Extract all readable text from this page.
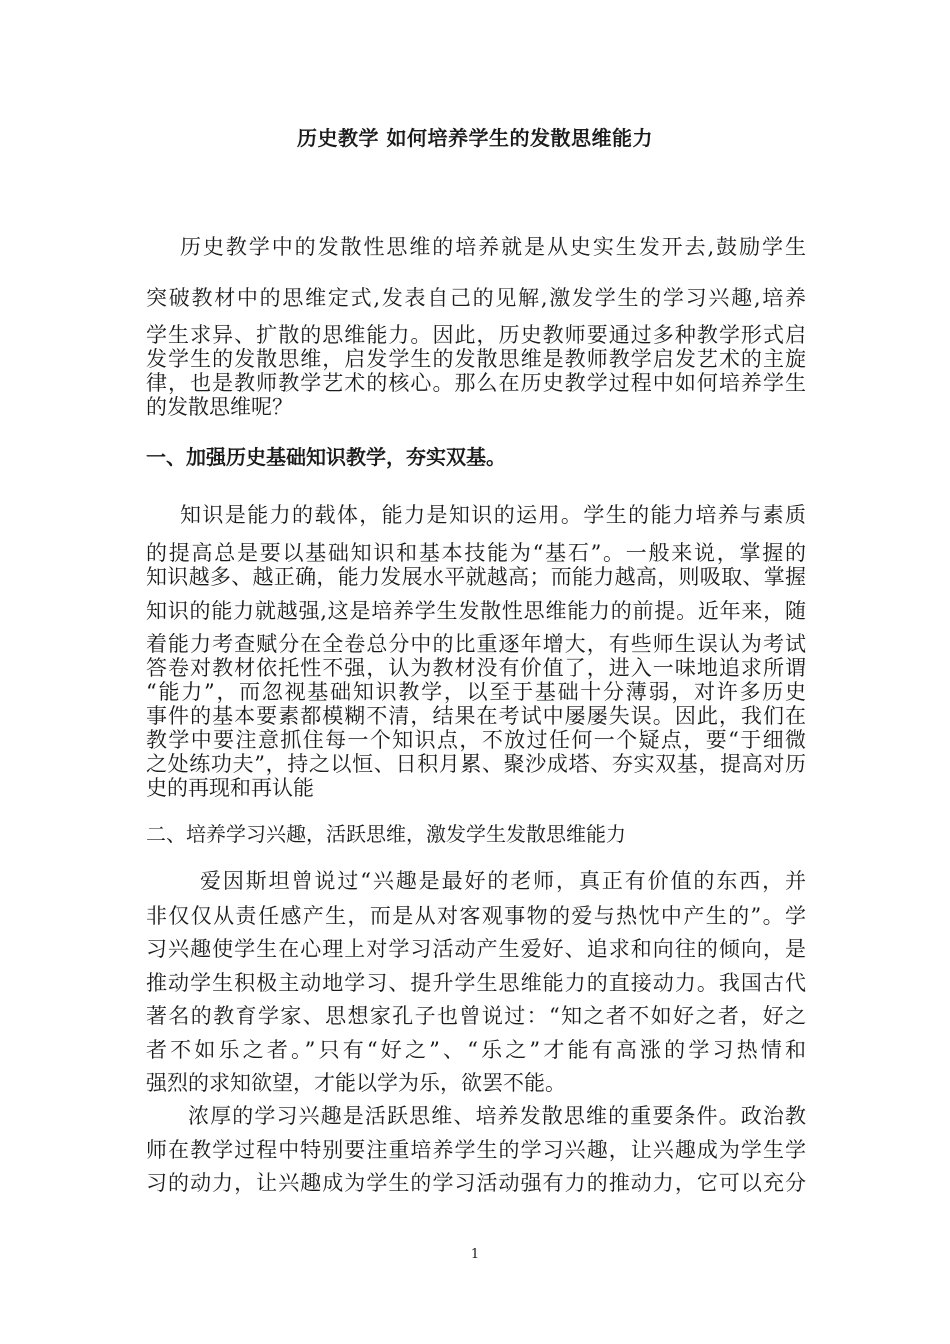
历史教学 如何培养学生的发散思维能力
历史教学中的发散性思维的培养就是从史实生发开去,鼓励学生
突破教材中的思维定式,发表自己的见解,激发学生的学习兴趣,培养
学生求异、扩散的思维能力。因此，历史教师要通过多种教学形式启
发学生的发散思维，启发学生的发散思维是教师教学启发艺术的主旋
律，也是教师教学艺术的核心。那么在历史教学过程中如何培养学生
的发散思维呢？
一、加强历史基础知识教学，夯实双基。
知识是能力的载体，能力是知识的运用。学生的能力培养与素质
的提高总是要以基础知识和基本技能为“基石”。一般来说，掌握的
知识越多、越正确，能力发展水平就越高；而能力越高，则吸取、掌握
知识的能力就越强,这是培养学生发散性思维能力的前提。近年来，随
着能力考查赋分在全卷总分中的比重逐年增大，有些师生误认为考试
答卷对教材依托性不强，认为教材没有价值了，进入一味地追求所谓
“能力”，而忽视基础知识教学，以至于基础十分薄弱，对许多历史
事件的基本要素都模糊不清，结果在考试中屡屡失误。因此，我们在
教学中要注意抓住每一个知识点，不放过任何一个疑点，要“于细微
之处练功夫”，持之以恒、日积月累、聚沙成塔、夯实双基，提高对历
史的再现和再认能
二、培养学习兴趣，活跃思维，激发学生发散思维能力
爱因斯坦曾说过“兴趣是最好的老师，真正有价值的东西，并
非仅仅从责任感产生，而是从对客观事物的爱与热忱中产生的”。学
习兴趣使学生在心理上对学习活动产生爱好、追求和向往的倾向，是
推动学生积极主动地学习、提升学生思维能力的直接动力。我国古代
著名的教育学家、思想家孔子也曾说过：“知之者不如好之者，好之
者不如乐之者。”只有“好之”、“乐之”才能有高涨的学习热情和
强烈的求知欲望，才能以学为乐，欲罢不能。
浓厚的学习兴趣是活跃思维、培养发散思维的重要条件。政治教
师在教学过程中特别要注重培养学生的学习兴趣，让兴趣成为学生学
习的动力，让兴趣成为学生的学习活动强有力的推动力，它可以充分
1
